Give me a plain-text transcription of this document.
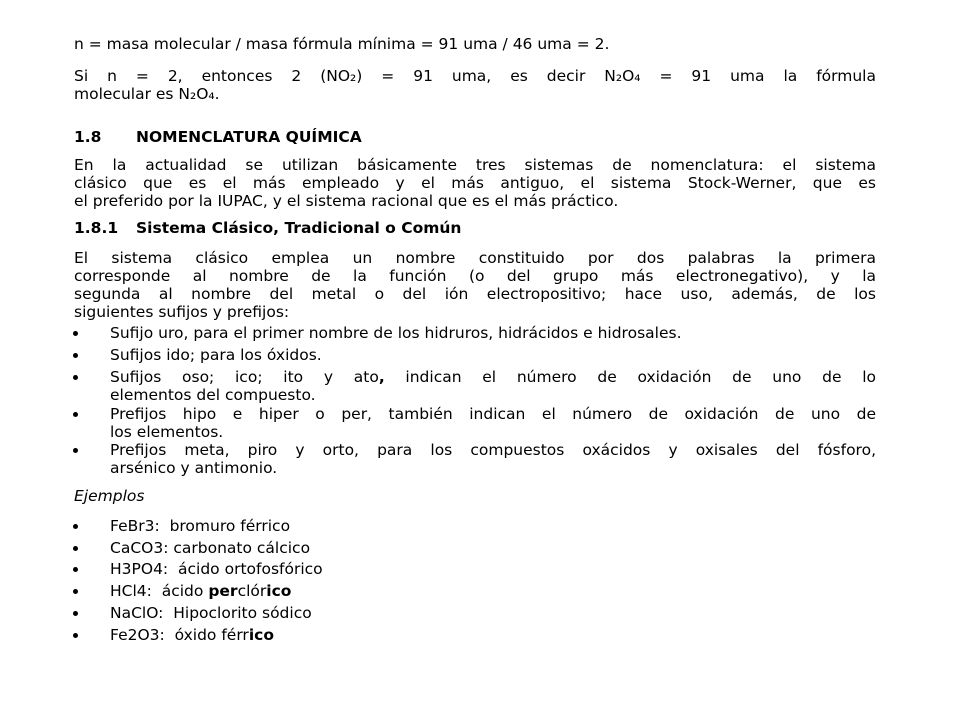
n = masa molecular / masa fórmula mínima = 91 uma / 46 uma = 2.
Si n = 2, entonces 2 (NO₂) = 91 uma, es decir N₂O₄ = 91 uma la fórmula
molecular es N₂O₄.
1.8 NOMENCLATURA QUÍMICA
En la actualidad se utilizan básicamente tres sistemas de nomenclatura: el sistema
clásico que es el más empleado y el más antiguo, el sistema Stock-Werner, que es
el preferido por la IUPAC, y el sistema racional que es el más práctico.
1.8.1 Sistema Clásico, Tradicional o Común
El sistema clásico emplea un nombre constituido por dos palabras la primera
corresponde al nombre de la función (o del grupo más electronegativo), y la
segunda al nombre del metal o del ión electropositivo; hace uso, además, de los
siguientes sufijos y prefijos:
Sufijo uro, para el primer nombre de los hidruros, hidrácidos e hidrosales.
Sufijos ido; para los óxidos.
Sufijos oso; ico; ito y ato, indican el número de oxidación de uno de lo
elementos del compuesto.
Prefijos hipo e hiper o per, también indican el número de oxidación de uno de
los elementos.
Prefijos meta, piro y orto, para los compuestos oxácidos y oxisales del fósforo,
arsénico y antimonio.
Ejemplos
FeBr3: bromuro férrico
CaCO3: carbonato cálcico
H3PO4: ácido ortofosfórico
HCl4: ácido perclórico
NaClO: Hipoclorito sódico
Fe2O3: óxido férrico
